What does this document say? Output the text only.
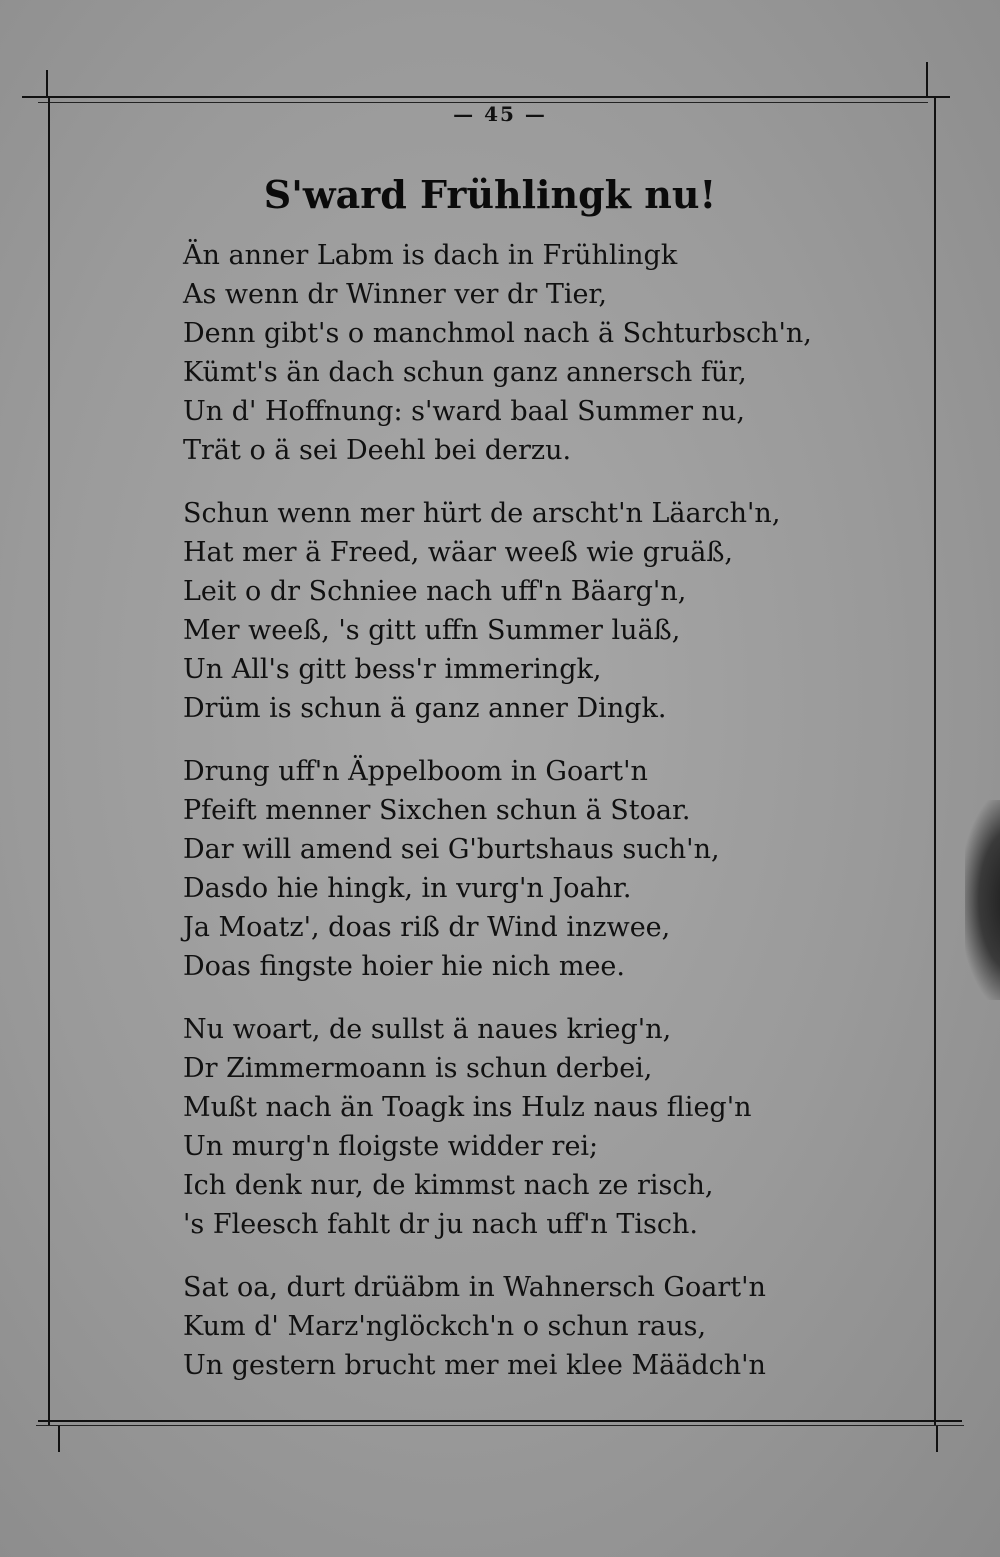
— 45 —
S'ward Frühlingk nu!
Än anner Labm is dach in Frühlingk
As wenn dr Winner ver dr Tier,
Denn gibt's o manchmol nach ä Schturbsch'n,
Kümt's än dach schun ganz annersch für,
Un d' Hoffnung: s'ward baal Summer nu,
Trät o ä sei Deehl bei derzu.
Schun wenn mer hürt de arscht'n Läarch'n,
Hat mer ä Freed, wäar weeß wie gruäß,
Leit o dr Schniee nach uff'n Bäarg'n,
Mer weeß, 's gitt uffn Summer luäß,
Un All's gitt bess'r immeringk,
Drüm is schun ä ganz anner Dingk.
Drung uff'n Äppelboom in Goart'n
Pfeift menner Sixchen schun ä Stoar.
Dar will amend sei G'burtshaus such'n,
Dasdo hie hingk, in vurg'n Joahr.
Ja Moatz', doas riß dr Wind inzwee,
Doas fingste hoier hie nich mee.
Nu woart, de sullst ä naues krieg'n,
Dr Zimmermoann is schun derbei,
Mußt nach än Toagk ins Hulz naus flieg'n
Un murg'n floigste widder rei;
Ich denk nur, de kimmst nach ze risch,
's Fleesch fahlt dr ju nach uff'n Tisch.
Sat oa, durt drüäbm in Wahnersch Goart'n
Kum d' Marz'nglöckch'n o schun raus,
Un gestern brucht mer mei klee Määdch'n
